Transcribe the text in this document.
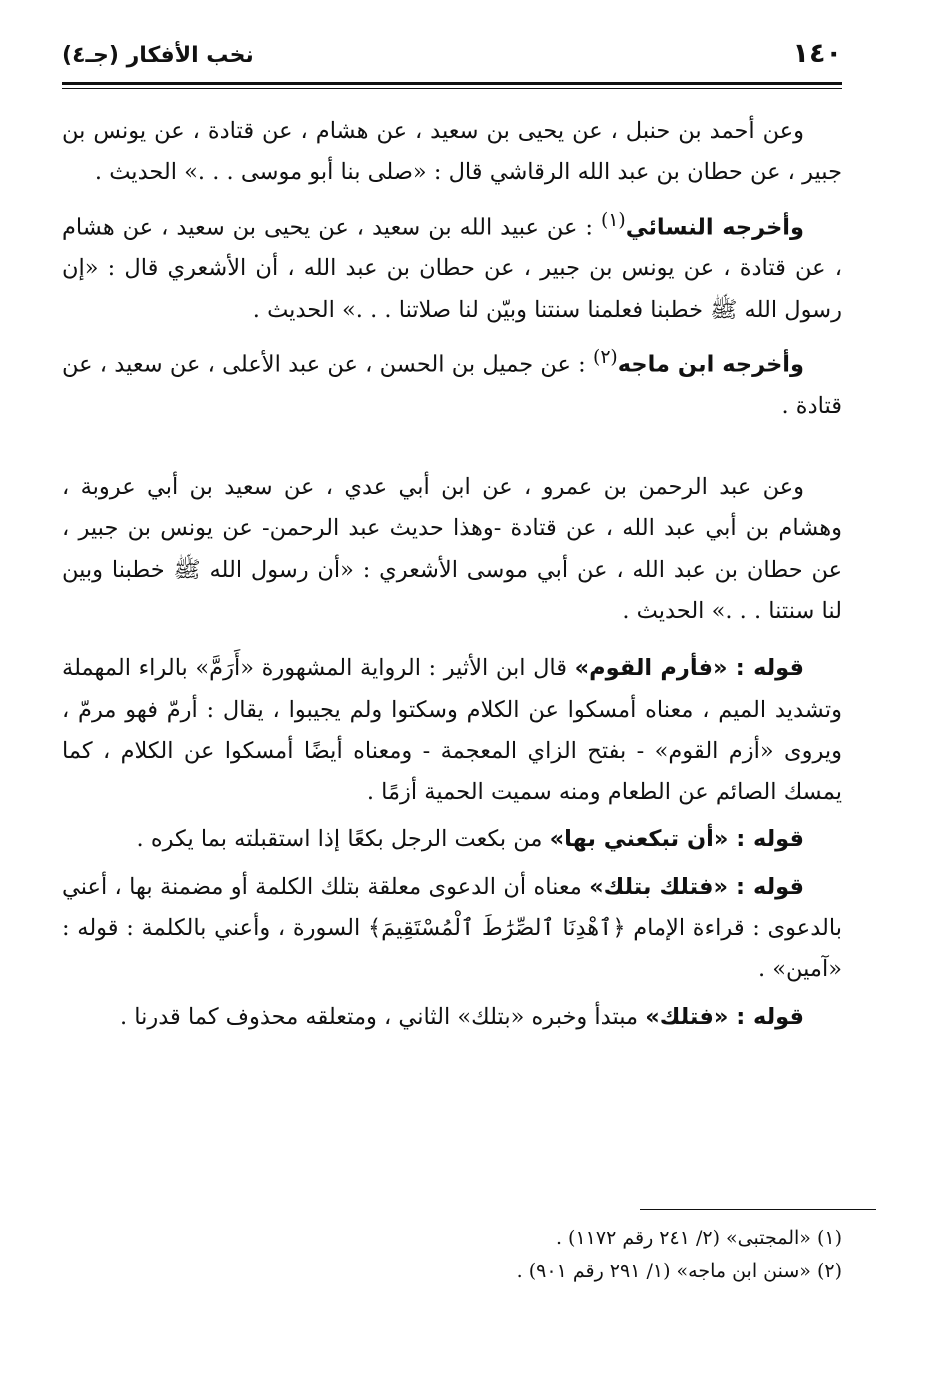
١٤٠
نخب الأفكار (جـ٤)

وعن أحمد بن حنبل ، عن يحيى بن سعيد ، عن هشام ، عن قتادة ، عن يونس بن جبير ، عن حطان بن عبد الله الرقاشي قال : «صلى بنا أبو موسى . . .» الحديث .

وأخرجه النسائي$^{(١)}$ : عن عبيد الله بن سعيد ، عن يحيى بن سعيد ، عن هشام ، عن قتادة ، عن يونس بن جبير ، عن حطان بن عبد الله ، أن الأشعري قال : «إن رسول الله ﷺ خطبنا فعلمنا سنتنا وبيّن لنا صلاتنا . . .» الحديث .

وأخرجه ابن ماجه$^{(٢)}$ : عن جميل بن الحسن ، عن عبد الأعلى ، عن سعيد ، عن قتادة .

وعن عبد الرحمن بن عمرو ، عن ابن أبي عدي ، عن سعيد بن أبي عروبة ، وهشام بن أبي عبد الله ، عن قتادة -وهذا حديث عبد الرحمن- عن يونس بن جبير ، عن حطان بن عبد الله ، عن أبي موسى الأشعري : «أن رسول الله ﷺ خطبنا وبين لنا سنتنا . . .» الحديث .

قوله : «فأرم القوم» قال ابن الأثير : الرواية المشهورة «أَرَمَّ» بالراء المهملة وتشديد الميم ، معناه أمسكوا عن الكلام وسكتوا ولم يجيبوا ، يقال : أرمّ فهو مرمّ ، ويروى «أزم القوم» - بفتح الزاي المعجمة - ومعناه أيضًا أمسكوا عن الكلام ، كما يمسك الصائم عن الطعام ومنه سميت الحمية أزمًا .

قوله : «أن تبكعني بها» من بكعت الرجل بكعًا إذا استقبلته بما يكره .

قوله : «فتلك بتلك» معناه أن الدعوى معلقة بتلك الكلمة أو مضمنة بها ، أعني بالدعوى : قراءة الإمام ﴿ٱهْدِنَا ٱلصِّرَٰطَ ٱلْمُسْتَقِيمَ﴾ السورة ، وأعني بالكلمة : قوله : «آمين» .

قوله : «فتلك» مبتدأ وخبره «بتلك» الثاني ، ومتعلقه محذوف كما قدرنا .

(١) «المجتبى» (٢/ ٢٤١ رقم ١١٧٢) .

(٢) «سنن ابن ماجه» (١/ ٢٩١ رقم ٩٠١) .
